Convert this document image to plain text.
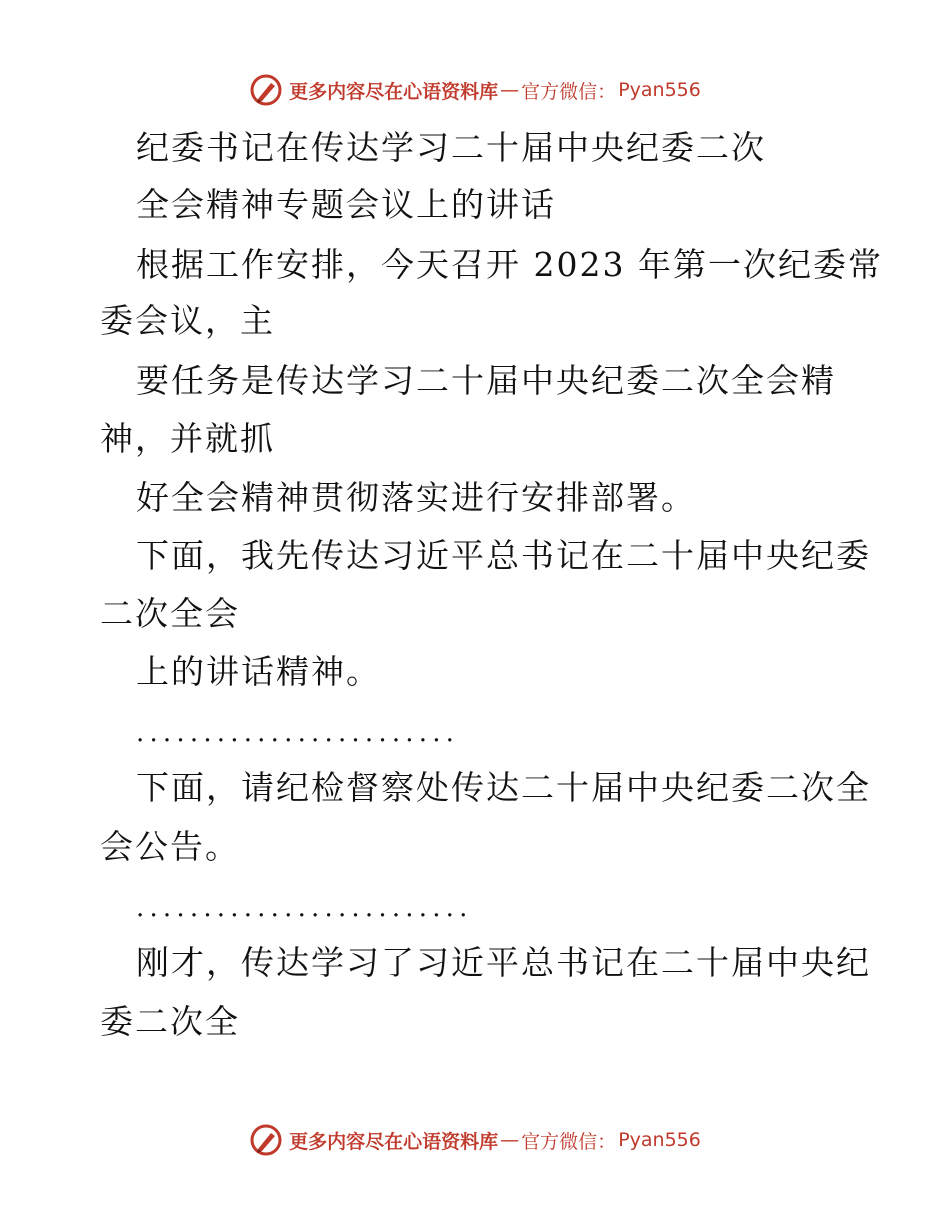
更多内容尽在心语资料库 — 官方微信： Pyan556
纪委书记在传达学习二十届中央纪委二次
全会精神专题会议上的讲话
根据工作安排，今天召开 2023 年第一次纪委常
委会议，主
要任务是传达学习二十届中央纪委二次全会精
神，并就抓
好全会精神贯彻落实进行安排部署。
下面，我先传达习近平总书记在二十届中央纪委
二次全会
上的讲话精神。
........................
下面，请纪检督察处传达二十届中央纪委二次全
会公告。
.........................
刚才，传达学习了习近平总书记在二十届中央纪
委二次全
更多内容尽在心语资料库 — 官方微信： Pyan556
